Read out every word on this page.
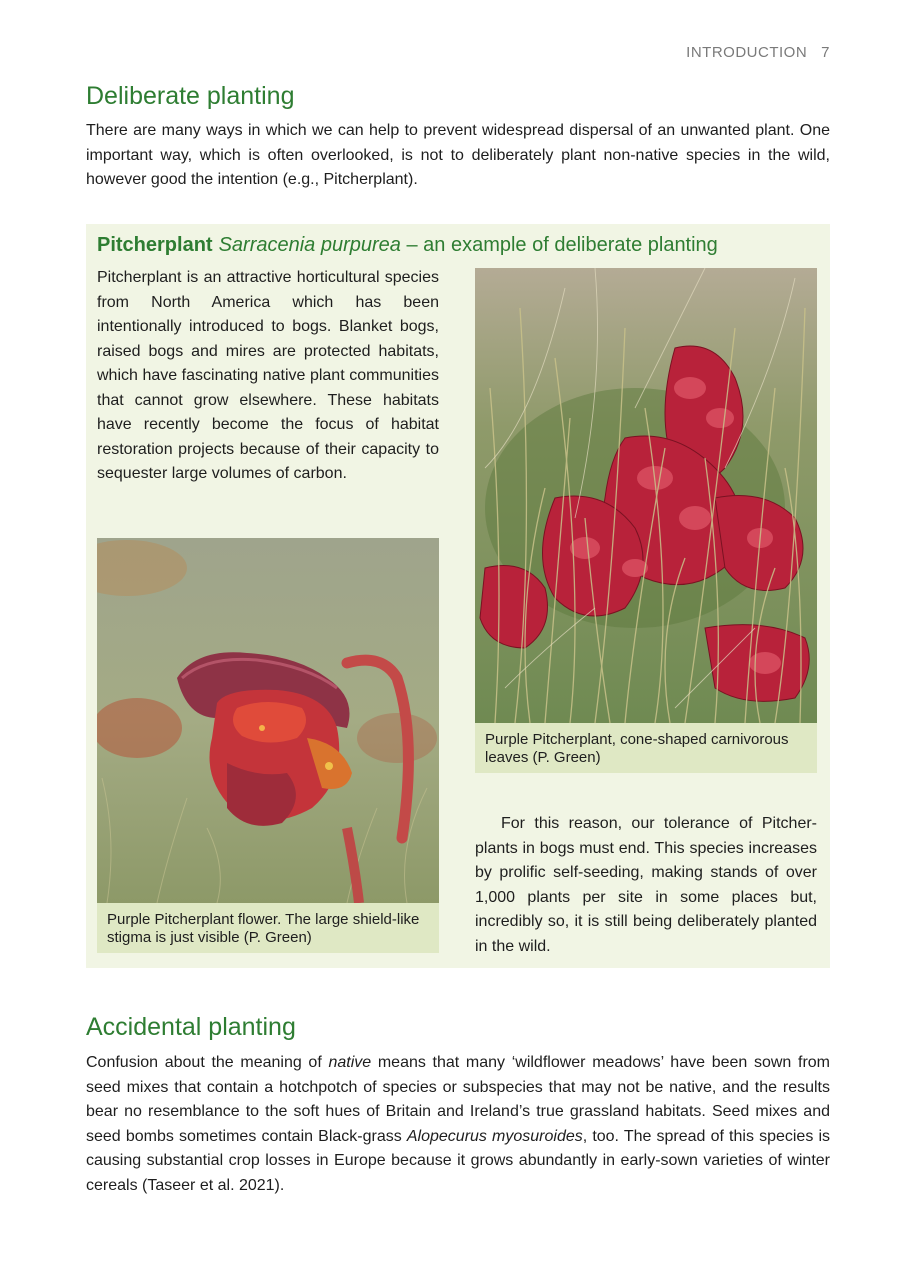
INTRODUCTION 7
Deliberate planting

There are many ways in which we can help to prevent widespread dispersal of an unwanted plant. One important way, which is often overlooked, is not to deliberately plant non-native species in the wild, however good the intention (e.g., Pitcherplant).

Pitcherplant Sarracenia purpurea – an example of deliberate planting

Pitcherplant is an attractive horticultural species from North America which has been intentionally introduced to bogs. Blanket bogs, raised bogs and mires are protected habitats, which have fascinating native plant communities that cannot grow elsewhere. These habitats have recently become the focus of habitat restoration projects because of their capacity to sequester large volumes of carbon.

Purple Pitcherplant, cone-shaped carnivorous leaves (P. Green)
Purple Pitcherplant flower. The large shield-like stigma is just visible (P. Green)

For this reason, our tolerance of Pitcher-plants in bogs must end. This species increases by prolific self-seeding, making stands of over 1,000 plants per site in some places but, incredibly so, it is still being deliberately planted in the wild.

Accidental planting

Confusion about the meaning of native means that many ‘wildflower meadows’ have been sown from seed mixes that contain a hotchpotch of species or subspecies that may not be native, and the results bear no resemblance to the soft hues of Britain and Ireland’s true grassland habitats. Seed mixes and seed bombs sometimes contain Black-grass Alopecurus myosuroides, too. The spread of this species is causing substantial crop losses in Europe because it grows abundantly in early-sown varieties of winter cereals (Taseer et al. 2021).
